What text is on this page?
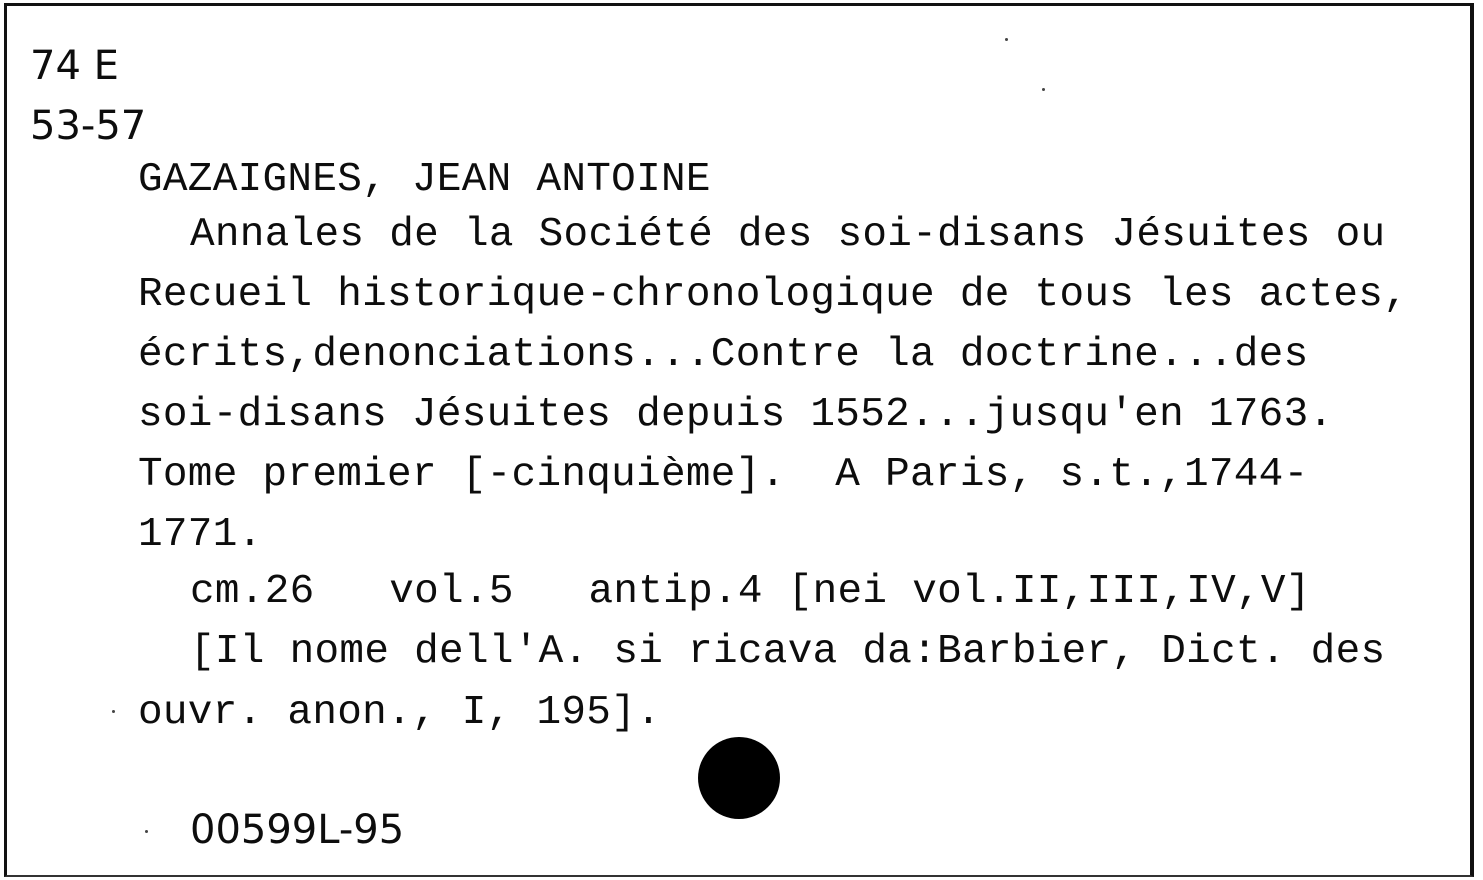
74 E
53-57
GAZAIGNES, JEAN ANTOINE
Annales de la Société des soi-disans Jésuites ou
Recueil historique-chronologique de tous les actes,
écrits,denonciations...Contre la doctrine...des
soi-disans Jésuites depuis 1552...jusqu'en 1763.
Tome premier [-cinquième].  A Paris, s.t.,1744-
1771.
cm.26   vol.5   antip.4 [nei vol.II,III,IV,V]
[Il nome dell'A. si ricava da:Barbier, Dict. des
ouvr. anon., I, 195].
00599L-95
